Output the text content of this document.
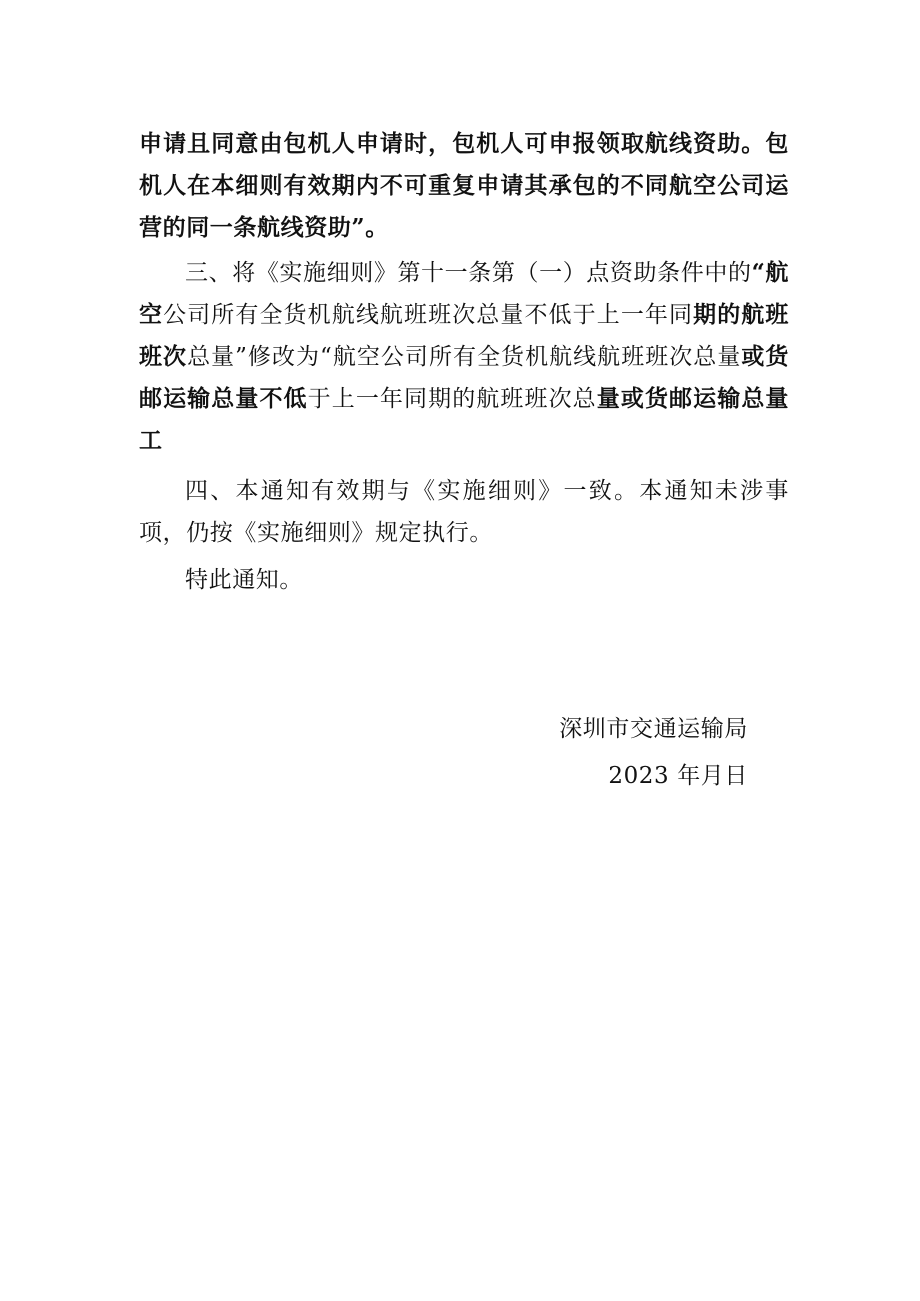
申请且同意由包机人申请时，包机人可申报领取航线资助。包机人在本细则有效期内不可重复申请其承包的不同航空公司运营的同一条航线资助”。

三、将《实施细则》第十一条第（一）点资助条件中的“航空公司所有全货机航线航班班次总量不低于上一年同期的航班班次总量”修改为“航空公司所有全货机航线航班班次总量或货邮运输总量不低于上一年同期的航班班次总量或货邮运输总量工

四、本通知有效期与《实施细则》一致。本通知未涉事项，仍按《实施细则》规定执行。

特此通知。

深圳市交通运输局
2023 年月日
